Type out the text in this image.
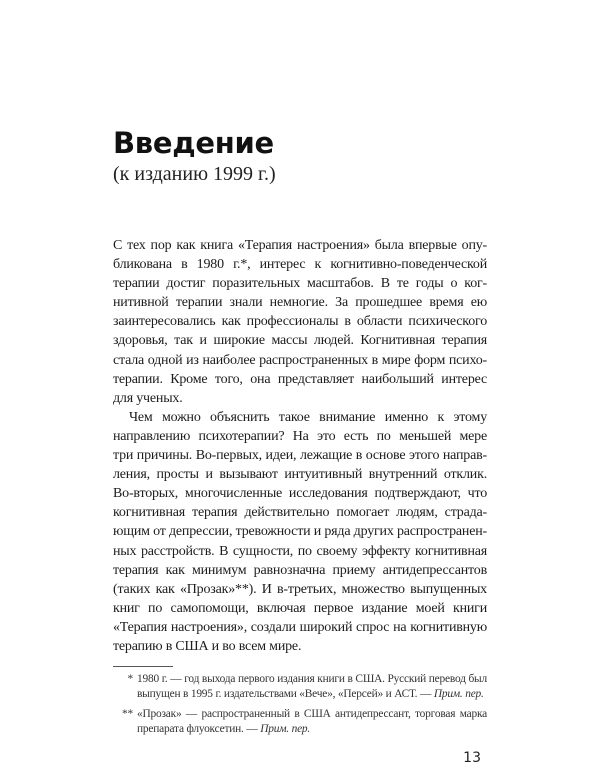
Введение
(к изданию 1999 г.)
С тех пор как книга «Терапия настроения» была впервые опу-
бликована в 1980 г.*, интерес к когнитивно-поведенческой
терапии достиг поразительных масштабов. В те годы о ког-
нитивной терапии знали немногие. За прошедшее время ею
заинтересовались как профессионалы в области психического
здоровья, так и широкие массы людей. Когнитивная терапия
стала одной из наиболее распространенных в мире форм психо-
терапии. Кроме того, она представляет наибольший интерес
для ученых.
Чем можно объяснить такое внимание именно к этому
направлению психотерапии? На это есть по меньшей мере
три причины. Во-первых, идеи, лежащие в основе этого направ-
ления, просты и вызывают интуитивный внутренний отклик.
Во-вторых, многочисленные исследования подтверждают, что
когнитивная терапия действительно помогает людям, страда-
ющим от депрессии, тревожности и ряда других распространен-
ных расстройств. В сущности, по своему эффекту когнитивная
терапия как минимум равнозначна приему антидепрессантов
(таких как «Прозак»**). И в-третьих, множество выпущенных
книг по самопомощи, включая первое издание моей книги
«Терапия настроения», создали широкий спрос на когнитивную
терапию в США и во всем мире.
* 1980 г. — год выхода первого издания книги в США. Русский перевод был
выпущен в 1995 г. издательствами «Вече», «Персей» и АСТ. — Прим. пер.
** «Прозак» — распространенный в США антидепрессант, торговая марка
препарата флуоксетин. — Прим. пер.
13
